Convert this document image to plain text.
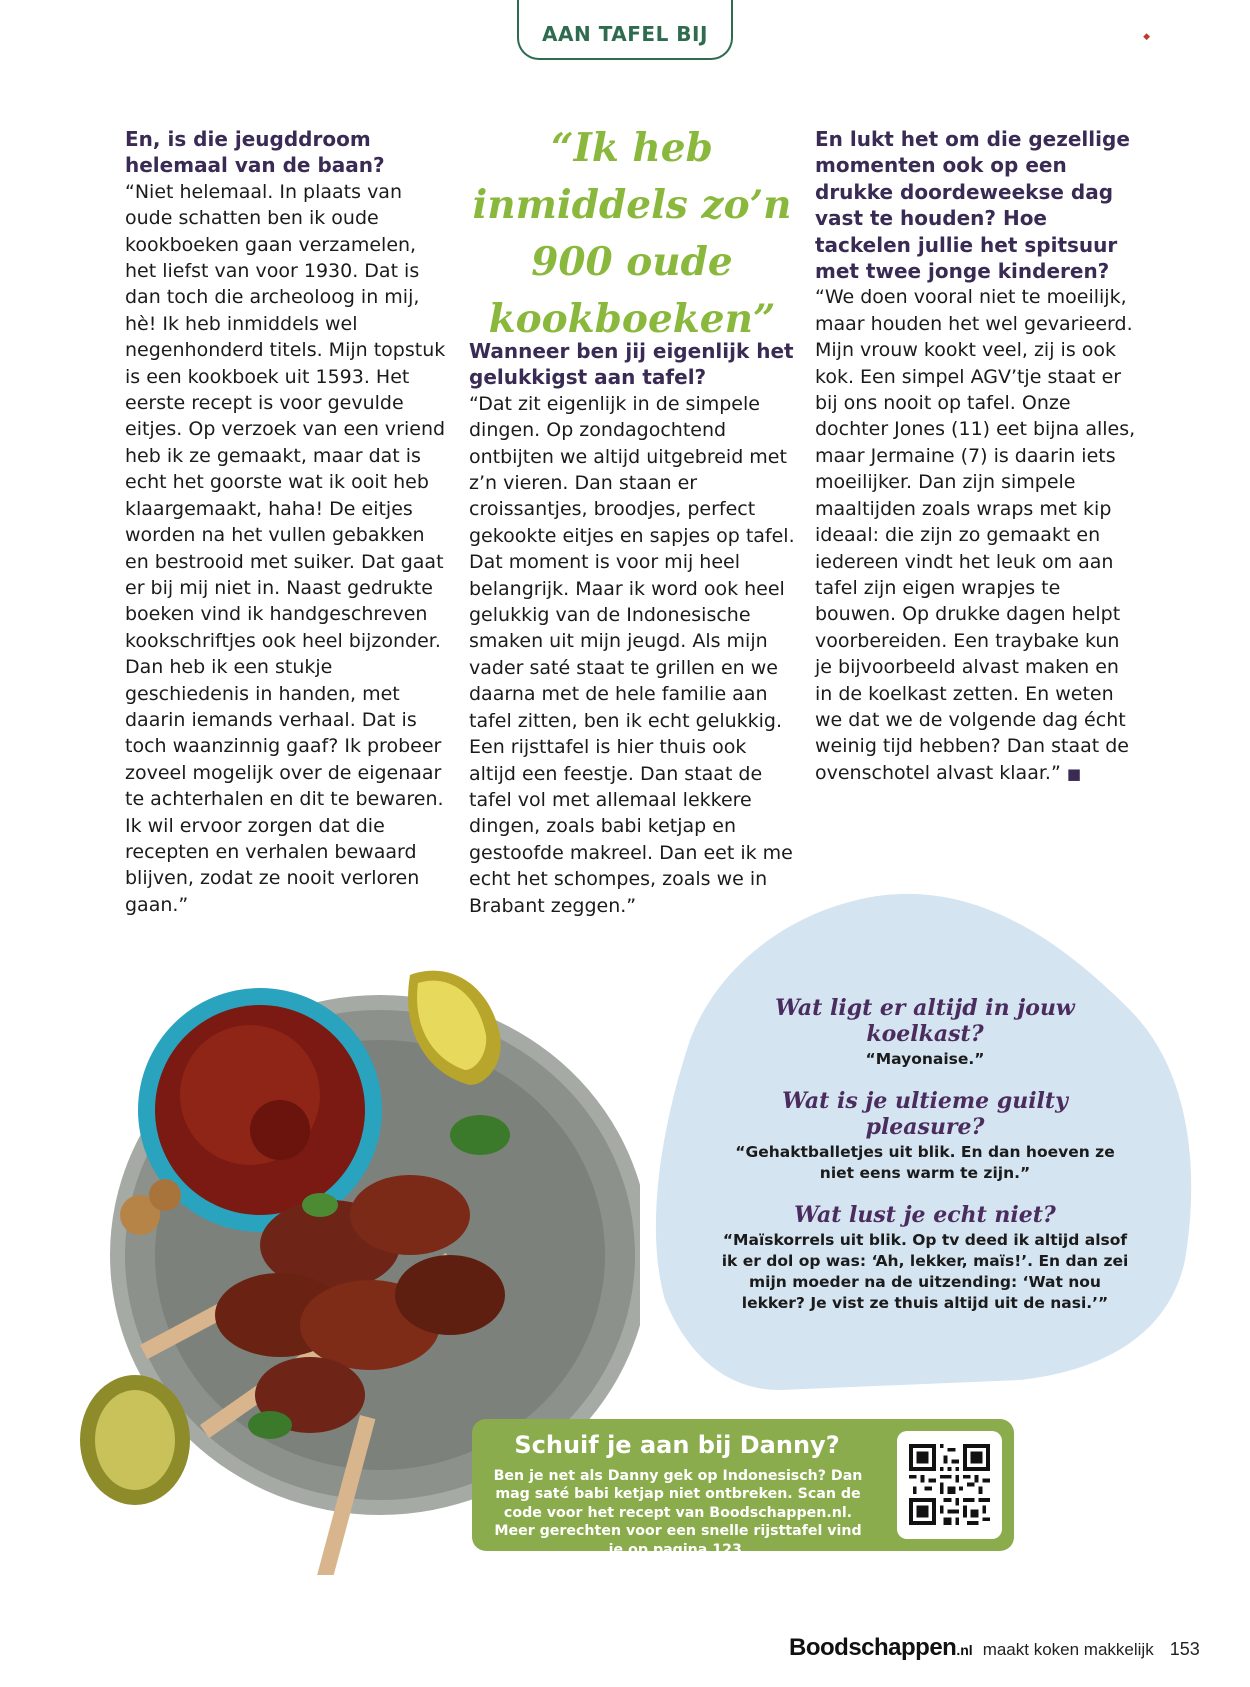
AAN TAFEL BIJ	◆

En, is die jeugddroom helemaal van de baan?

“Niet helemaal. In plaats van oude schatten ben ik oude kookboeken gaan verzamelen, het liefst van voor 1930. Dat is dan toch die archeoloog in mij, hè! Ik heb inmiddels wel negenhonderd titels. Mijn topstuk is een kookboek uit 1593. Het eerste recept is voor gevulde eitjes. Op verzoek van een vriend heb ik ze gemaakt, maar dat is echt het goorste wat ik ooit heb klaargemaakt, haha! De eitjes worden na het vullen gebakken en bestrooid met suiker. Dat gaat er bij mij niet in. Naast gedrukte boeken vind ik handgeschreven kookschriftjes ook heel bijzonder. Dan heb ik een stukje geschiedenis in handen, met daarin iemands verhaal. Dat is toch waanzinnig gaaf? Ik probeer zoveel mogelijk over de eigenaar te achterhalen en dit te bewaren. Ik wil ervoor zorgen dat die recepten en verhalen bewaard blijven, zodat ze nooit verloren gaan.”

“Ik heb inmiddels zo’n 900 oude kookboeken”

Wanneer ben jij eigenlijk het gelukkigst aan tafel?

“Dat zit eigenlijk in de simpele dingen. Op zondagochtend ontbijten we altijd uitgebreid met z’n vieren. Dan staan er croissantjes, broodjes, perfect gekookte eitjes en sapjes op tafel. Dat moment is voor mij heel belangrijk. Maar ik word ook heel gelukkig van de Indonesische smaken uit mijn jeugd. Als mijn vader saté staat te grillen en we daarna met de hele familie aan tafel zitten, ben ik echt gelukkig. Een rijsttafel is hier thuis ook altijd een feestje. Dan staat de tafel vol met allemaal lekkere dingen, zoals babi ketjap en gestoofde makreel. Dan eet ik me echt het schompes, zoals we in Brabant zeggen.”

En lukt het om die gezellige momenten ook op een drukke doordeweekse dag vast te houden? Hoe tackelen jullie het spitsuur met twee jonge kinderen?

“We doen vooral niet te moeilijk, maar houden het wel gevarieerd. Mijn vrouw kookt veel, zij is ook kok. Een simpel AGV’tje staat er bij ons nooit op tafel. Onze dochter Jones (11) eet bijna alles, maar Jermaine (7) is daarin iets moeilijker. Dan zijn simpele maaltijden zoals wraps met kip ideaal: die zijn zo gemaakt en iedereen vindt het leuk om aan tafel zijn eigen wrapjes te bouwen. Op drukke dagen helpt voorbereiden. Een traybake kun je bijvoorbeeld alvast maken en in de koelkast zetten. En weten we dat we de volgende dag écht weinig tijd hebben? Dan staat de ovenschotel alvast klaar.” ■

Wat ligt er altijd in jouw koelkast?

“Mayonaise.”

Wat is je ultieme guilty pleasure?

“Gehaktballetjes uit blik. En dan hoeven ze niet eens warm te zijn.”

Wat lust je echt niet?

“Maïskorrels uit blik. Op tv deed ik altijd alsof ik er dol op was: ‘Ah, lekker, maïs!’. En dan zei mijn moeder na de uitzending: ‘Wat nou lekker? Je vist ze thuis altijd uit de nasi.’”

Schuif je aan bij Danny?

Ben je net als Danny gek op Indonesisch? Dan mag saté babi ketjap niet ontbreken. Scan de code voor het recept van Boodschappen.nl. Meer gerechten voor een snelle rijsttafel vind je op pagina 123.

Boodschappen .nl maakt koken makkelijk 153
